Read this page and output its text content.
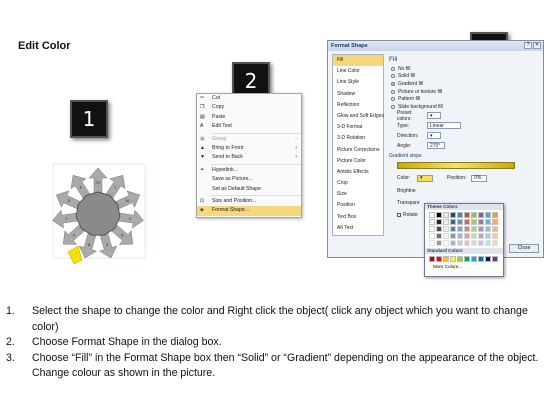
Edit Color
1
2
11
1
10
2
9
3
8
4
7
5
6
✂	Cut
❐ Copy
▤ Paste
A	Edit Text
▣ Group	›
▲ Bring to Front	›
▼ Send to Back	›
⚭	Hyperlink...
Save as Picture...
Set as Default Shape
⊡	Size and Position...
◈	Format Shape...
Format Shape	?	✕
Fill
Line Color
Line Style
Shadow
Reflection
Glow and Soft Edges
3-D Format
3-D Rotation
Picture Corrections
Picture Color
Artistic Effects
Crop
Size
Position
Text Box
Alt Text
Fill
No fill
Solid fill
Gradient fill
Picture or texture fill
Pattern fill
Slide background fill
Preset colors:	▾
Type:	Linear
Direction:	▾
Angle:	270°
Gradient stops
Color:	▾	Position:	0%
Brightne
Transpare
Rotate
Close
Theme Colors
Standard Colors
More Colors...
1. Select the shape to change the color and Right click the object( click any object which you want to change color)
2. Choose Format Shape in the dialog box.
3. Choose “Fill” in the Format Shape box then “Solid” or “Gradient” depending on the appearance of the object. Change colour as shown in the picture.
